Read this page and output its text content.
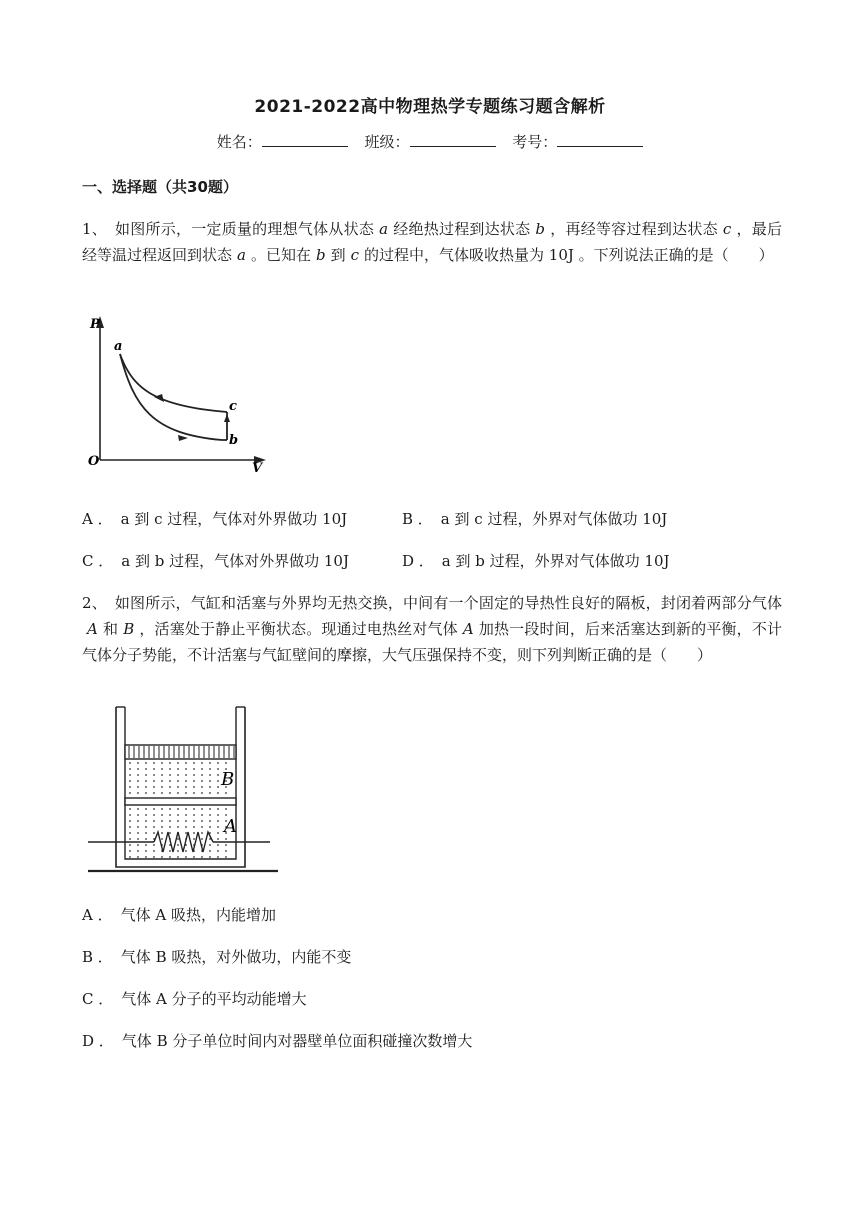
2021-2022高中物理热学专题练习题含解析
姓名：	班级：	考号：
一、选择题（共30题）
1、 如图所示，一定质量的理想气体从状态 a 经绝热过程到达状态 b ，再经等容过程到达状态 c ，最后经等温过程返回到状态 a 。已知在 b 到 c 的过程中，气体吸收热量为 10J 。下列说法正确的是（　　）
P
V
O
a
c
b
A ． a 到 c 过程，气体对外界做功 10J	B ． a 到 c 过程，外界对气体做功 10J
C ． a 到 b 过程，气体对外界做功 10J	D ． a 到 b 过程，外界对气体做功 10J
2、 如图所示，气缸和活塞与外界均无热交换，中间有一个固定的导热性良好的隔板，封闭着两部分气体A 和 B ，活塞处于静止平衡状态。现通过电热丝对气体 A 加热一段时间，后来活塞达到新的平衡，不计气体分子势能，不计活塞与气缸壁间的摩擦，大气压强保持不变，则下列判断正确的是（　　）
B
A
A ． 气体 A 吸热，内能增加
B ． 气体 B 吸热，对外做功，内能不变
C ． 气体 A 分子的平均动能增大
D ． 气体 B 分子单位时间内对器壁单位面积碰撞次数增大
